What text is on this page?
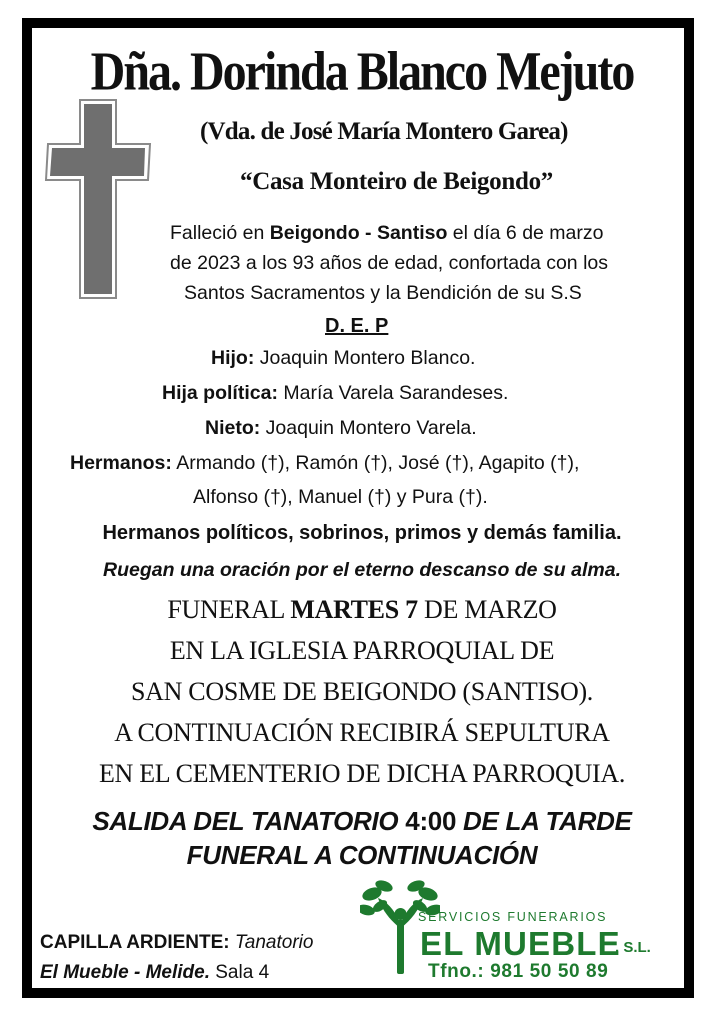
Dña. Dorinda Blanco Mejuto
(Vda. de José María Montero Garea)
“Casa Monteiro de Beigondo”
Falleció en Beigondo - Santiso el día 6 de marzo
de 2023 a los 93 años de edad, confortada con los
Santos Sacramentos y la Bendición de su S.S
D. E. P
Hijo: Joaquin Montero Blanco.
Hija política: María Varela Sarandeses.
Nieto: Joaquin Montero Varela.
Hermanos: Armando (†), Ramón (†), José (†), Agapito (†),
Alfonso (†), Manuel (†) y Pura (†).
Hermanos políticos, sobrinos, primos y demás familia.
Ruegan una oración por el eterno descanso de su alma.
FUNERAL MARTES 7 DE MARZO
EN LA IGLESIA PARROQUIAL DE
SAN COSME DE BEIGONDO (SANTISO).
A CONTINUACIÓN RECIBIRÁ SEPULTURA
EN EL CEMENTERIO DE DICHA PARROQUIA.
SALIDA DEL TANATORIO 4:00 DE LA TARDE
FUNERAL A CONTINUACIÓN
CAPILLA ARDIENTE: Tanatorio
El Mueble - Melide. Sala 4
SERVICIOS FUNERARIOS
EL MUEBLE
, S.L.
Tfno.: 981 50 50 89
